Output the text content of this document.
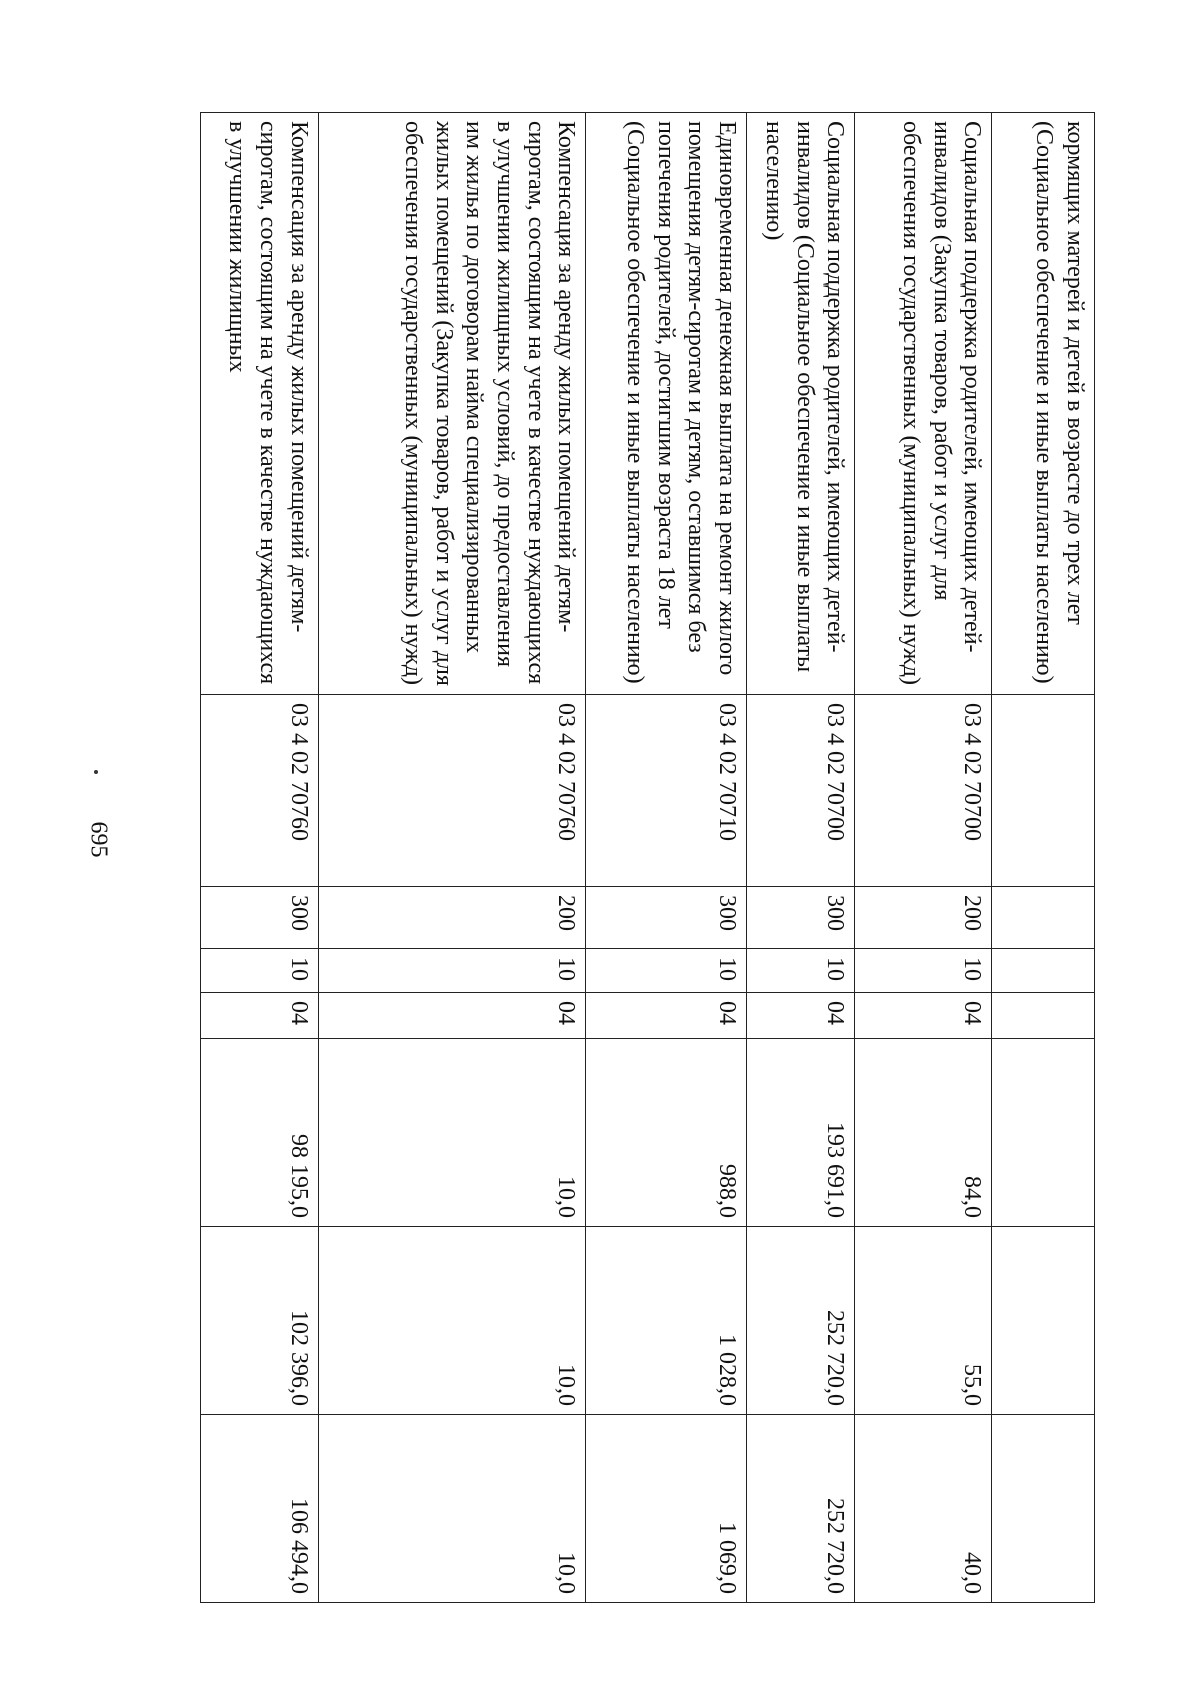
695
кормящих матерей и детей в возрасте до трех лет (Социальное обеспечение и иные выплаты населению)							
Социальная поддержка родителей, имеющих детей-инвалидов (Закупка товаров, работ и услуг для обеспечения государственных (муниципальных) нужд)	03 4 02 70700	200	10	04	84,0	55,0	40,0
Социальная поддержка родителей, имеющих детей-инвалидов (Социальное обеспечение и иные выплаты населению)	03 4 02 70700	300	10	04	193 691,0	252 720,0	252 720,0
Единовременная денежная выплата на ремонт жилого помещения детям-сиротам и детям, оставшимся без попечения родителей, достигшим возраста 18 лет (Социальное обеспечение и иные выплаты населению)	03 4 02 70710	300	10	04	988,0	1 028,0	1 069,0
Компенсация за аренду жилых помещений детям-сиротам, состоящим на учете в качестве нуждающихся в улучшении жилищных условий, до предоставления им жилья по договорам найма специализированных жилых помещений (Закупка товаров, работ и услуг для обеспечения государственных (муниципальных) нужд)	03 4 02 70760	200	10	04	10,0	10,0	10,0
Компенсация за аренду жилых помещений детям-сиротам, состоящим на учете в качестве нуждающихся в улучшении жилищных	03 4 02 70760	300	10	04	98 195,0	102 396,0	106 494,0
